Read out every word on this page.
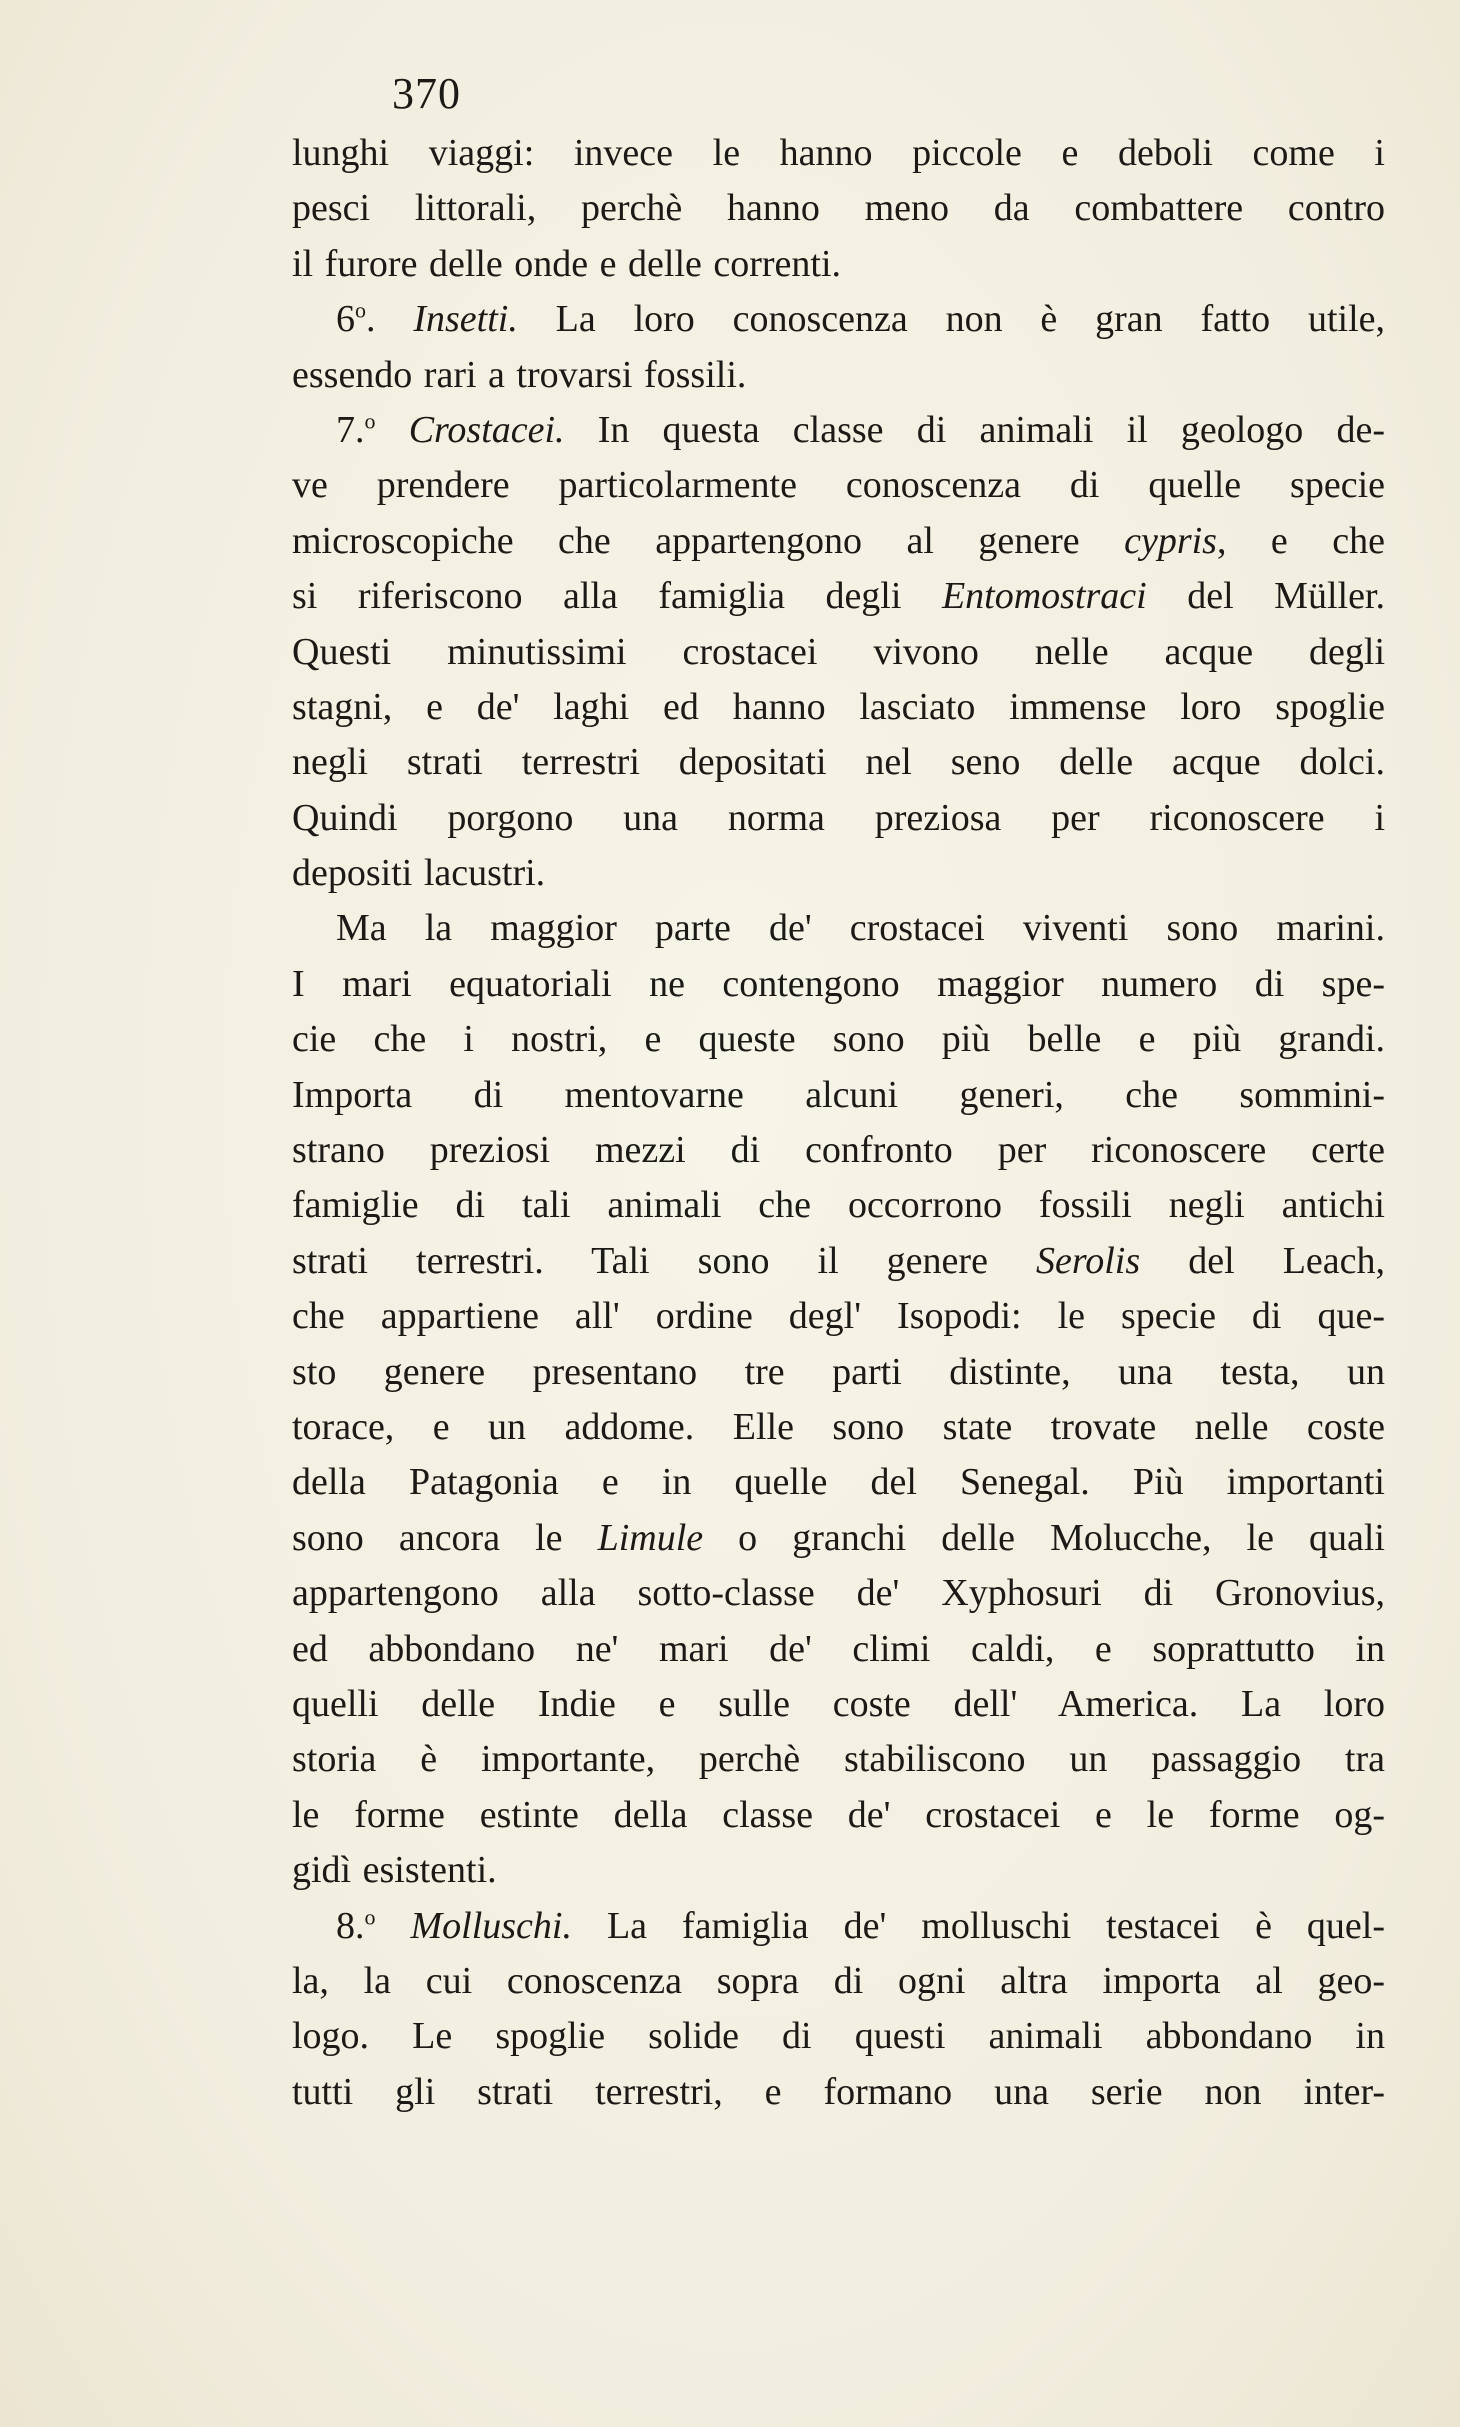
370
lunghi viaggi: invece le hanno piccole e deboli come i
pesci littorali, perchè hanno meno da combattere contro
il furore delle onde e delle correnti.
6$^o$. Insetti. La loro conoscenza non è gran fatto utile,
essendo rari a trovarsi fossili.
7.$^o$ Crostacei. In questa classe di animali il geologo de-
ve prendere particolarmente conoscenza di quelle specie
microscopiche che appartengono al genere cypris, e che
si riferiscono alla famiglia degli Entomostraci del Müller.
Questi minutissimi crostacei vivono nelle acque degli
stagni, e de' laghi ed hanno lasciato immense loro spoglie
negli strati terrestri depositati nel seno delle acque dolci.
Quindi porgono una norma preziosa per riconoscere i
depositi lacustri.
Ma la maggior parte de' crostacei viventi sono marini.
I mari equatoriali ne contengono maggior numero di spe-
cie che i nostri, e queste sono più belle e più grandi.
Importa di mentovarne alcuni generi, che sommini-
strano preziosi mezzi di confronto per riconoscere certe
famiglie di tali animali che occorrono fossili negli antichi
strati terrestri. Tali sono il genere Serolis del Leach,
che appartiene all' ordine degl' Isopodi: le specie di que-
sto genere presentano tre parti distinte, una testa, un
torace, e un addome. Elle sono state trovate nelle coste
della Patagonia e in quelle del Senegal. Più importanti
sono ancora le Limule o granchi delle Molucche, le quali
appartengono alla sotto-classe de' Xyphosuri di Gronovius,
ed abbondano ne' mari de' climi caldi, e soprattutto in
quelli delle Indie e sulle coste dell' America. La loro
storia è importante, perchè stabiliscono un passaggio tra
le forme estinte della classe de' crostacei e le forme og-
gidì esistenti.
8.$^o$ Molluschi. La famiglia de' molluschi testacei è quel-
la, la cui conoscenza sopra di ogni altra importa al geo-
logo. Le spoglie solide di questi animali abbondano in
tutti gli strati terrestri, e formano una serie non inter-
